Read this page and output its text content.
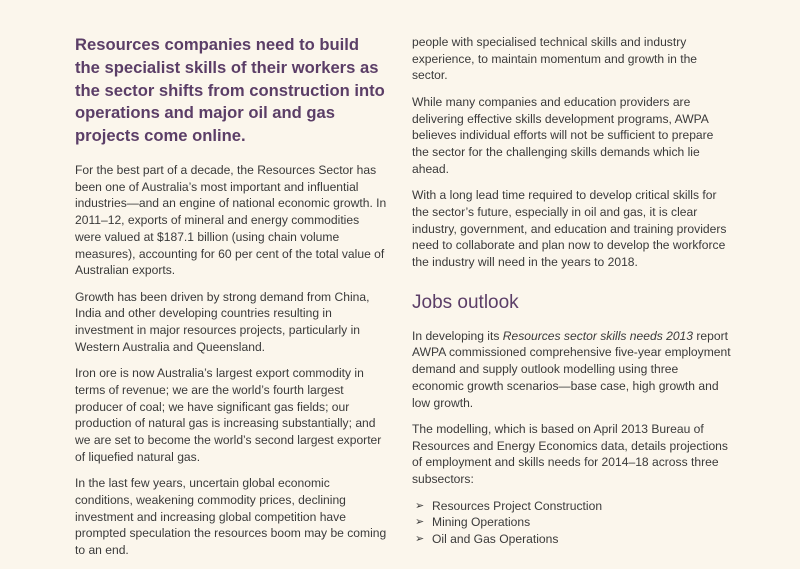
Resources companies need to build the specialist skills of their workers as the sector shifts from construction into operations and major oil and gas projects come online.

For the best part of a decade, the Resources Sector has been one of Australia’s most important and influential industries—and an engine of national economic growth. In 2011–12, exports of mineral and energy commodities were valued at $187.1 billion (using chain volume measures), accounting for 60 per cent of the total value of Australian exports.

Growth has been driven by strong demand from China, India and other developing countries resulting in investment in major resources projects, particularly in Western Australia and Queensland.

Iron ore is now Australia’s largest export commodity in terms of revenue; we are the world’s fourth largest producer of coal; we have significant gas fields; our production of natural gas is increasing substantially; and we are set to become the world’s second largest exporter of liquefied natural gas.

In the last few years, uncertain global economic conditions, weakening commodity prices, declining investment and increasing global competition have prompted speculation the resources boom may be coming to an end.

people with specialised technical skills and industry experience, to maintain momentum and growth in the sector.

While many companies and education providers are delivering effective skills development programs, AWPA believes individual efforts will not be sufficient to prepare the sector for the challenging skills demands which lie ahead.

With a long lead time required to develop critical skills for the sector’s future, especially in oil and gas, it is clear industry, government, and education and training providers need to collaborate and plan now to develop the workforce the industry will need in the years to 2018.

Jobs outlook

In developing its Resources sector skills needs 2013 report AWPA commissioned comprehensive five-year employment demand and supply outlook modelling using three economic growth scenarios—base case, high growth and low growth.

The modelling, which is based on April 2013 Bureau of Resources and Energy Economics data, details projections of employment and skills needs for 2014–18 across three subsectors:

➢ Resources Project Construction
➢ Mining Operations
➢ Oil and Gas Operations
